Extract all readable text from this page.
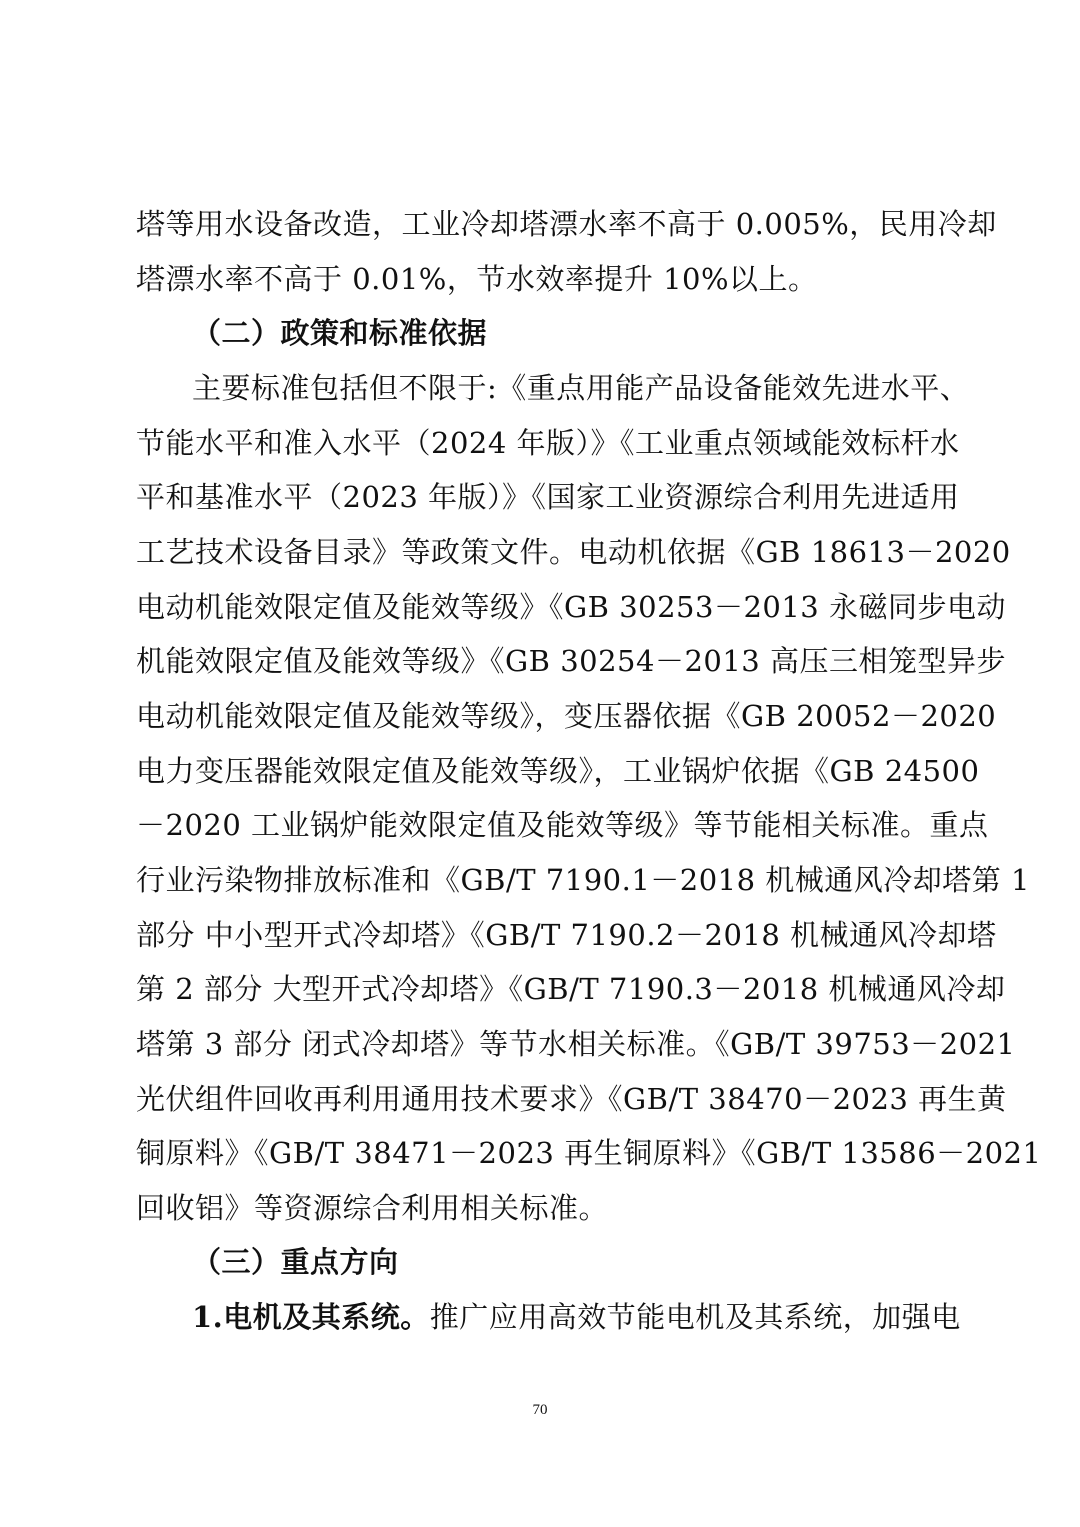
塔等用水设备改造，工业冷却塔漂水率不高于 0.005%，民用冷却
塔漂水率不高于 0.01%，节水效率提升 10%以上。
（二）政策和标准依据
主要标准包括但不限于:《重点用能产品设备能效先进水平、
节能水平和准入水平（2024 年版）》《工业重点领域能效标杆水
平和基准水平（2023 年版）》《国家工业资源综合利用先进适用
工艺技术设备目录》等政策文件。电动机依据《GB 18613－2020
电动机能效限定值及能效等级》《GB 30253－2013 永磁同步电动
机能效限定值及能效等级》《GB 30254－2013 高压三相笼型异步
电动机能效限定值及能效等级》，变压器依据《GB 20052－2020
电力变压器能效限定值及能效等级》，工业锅炉依据《GB 24500
－2020 工业锅炉能效限定值及能效等级》等节能相关标准。重点
行业污染物排放标准和《GB/T 7190.1－2018 机械通风冷却塔第 1
部分 中小型开式冷却塔》《GB/T 7190.2－2018 机械通风冷却塔
第 2 部分 大型开式冷却塔》《GB/T 7190.3－2018 机械通风冷却
塔第 3 部分 闭式冷却塔》等节水相关标准。《GB/T 39753－2021
光伏组件回收再利用通用技术要求》《GB/T 38470－2023 再生黄
铜原料》《GB/T 38471－2023 再生铜原料》《GB/T 13586－2021
回收铝》等资源综合利用相关标准。
（三）重点方向
1.电机及其系统。推广应用高效节能电机及其系统，加强电
70
